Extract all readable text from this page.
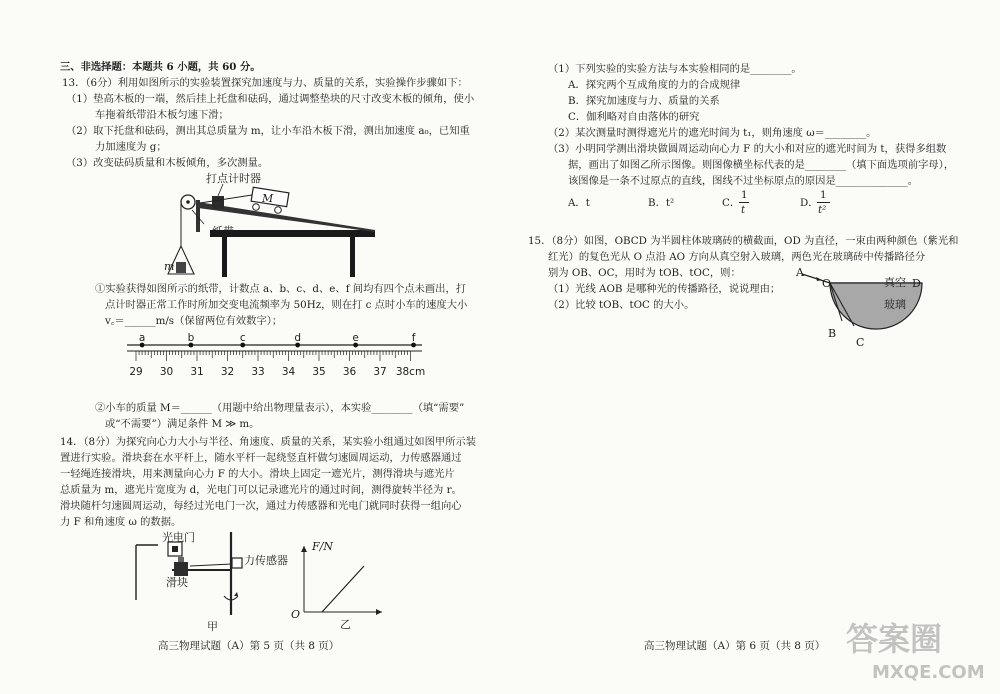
三、非选择题：本题共 6 小题，共 60 分。
13．（6分）利用如图所示的实验装置探究加速度与力、质量的关系，实验操作步骤如下：
（1）垫高木板的一端，然后挂上托盘和砝码，通过调整垫块的尺寸改变木板的倾角，使小
车拖着纸带沿木板匀速下滑；
（2）取下托盘和砝码，测出其总质量为 m，让小车沿木板下滑，测出加速度 a₀，已知重
力加速度为 g；
（3）改变砝码质量和木板倾角，多次测量。
打点计时器
纸带
M
m
①实验获得如图所示的纸带，计数点 a、b、c、d、e、f 间均有四个点未画出，打
点计时器正常工作时所加交变电流频率为 50Hz，则在打 c 点时小车的速度大小
v꜀＝______m/s（保留两位有效数字）；
29 30 31 32 33 34 35 36 37 38cm
a	b	c	d	e	f
②小车的质量 M＝______（用题中给出物理量表示），本实验________（填“需要”
或“不需要”）满足条件 M ≫ m。
14．（8分）为探究向心力大小与半径、角速度、质量的关系，某实验小组通过如图甲所示装
置进行实验。滑块套在水平杆上，随水平杆一起绕竖直杆做匀速圆周运动，力传感器通过
一轻绳连接滑块，用来测量向心力 F 的大小。滑块上固定一遮光片，测得滑块与遮光片
总质量为 m，遮光片宽度为 d，光电门可以记录遮光片的通过时间，测得旋转半径为 r。
滑块随杆匀速圆周运动，每经过光电门一次，通过力传感器和光电门就同时获得一组向心
力 F 和角速度 ω 的数据。
光电门
力传感器
滑块
甲
F/N
O
乙
高三物理试题（A）第 5 页（共 8 页）
（1）下列实验的实验方法与本实验相同的是________。
A．探究两个互成角度的力的合成规律
B．探究加速度与力、质量的关系
C．伽利略对自由落体的研究
（2）某次测量时测得遮光片的遮光时间为 t₁，则角速度 ω＝________。
（3）小明同学测出滑块做圆周运动向心力 F 的大小和对应的遮光时间为 t，获得多组数
据，画出了如图乙所示图像。则图像横坐标代表的是________（填下面选项前字母），
该图像是一条不过原点的直线，图线不过坐标原点的原因是______________。
A．t	B．t²	C．
1
t
D．
1
t²
15．（8分）如图，OBCD 为半圆柱体玻璃砖的横截面，OD 为直径，一束由两种颜色（紫光和
红光）的复色光从 O 点沿 AO 方向从真空射入玻璃，两色光在玻璃砖中传播路径分
别为 OB、OC，用时为 tOB、tOC，则：
（1）光线 AOB 是哪种光的传播路径，说说理由；
（2）比较 tOB、tOC 的大小。
A
O	D
B
C
真空
玻璃
高三物理试题（A）第 6 页（共 8 页） 答案圈
MXQE.COM
